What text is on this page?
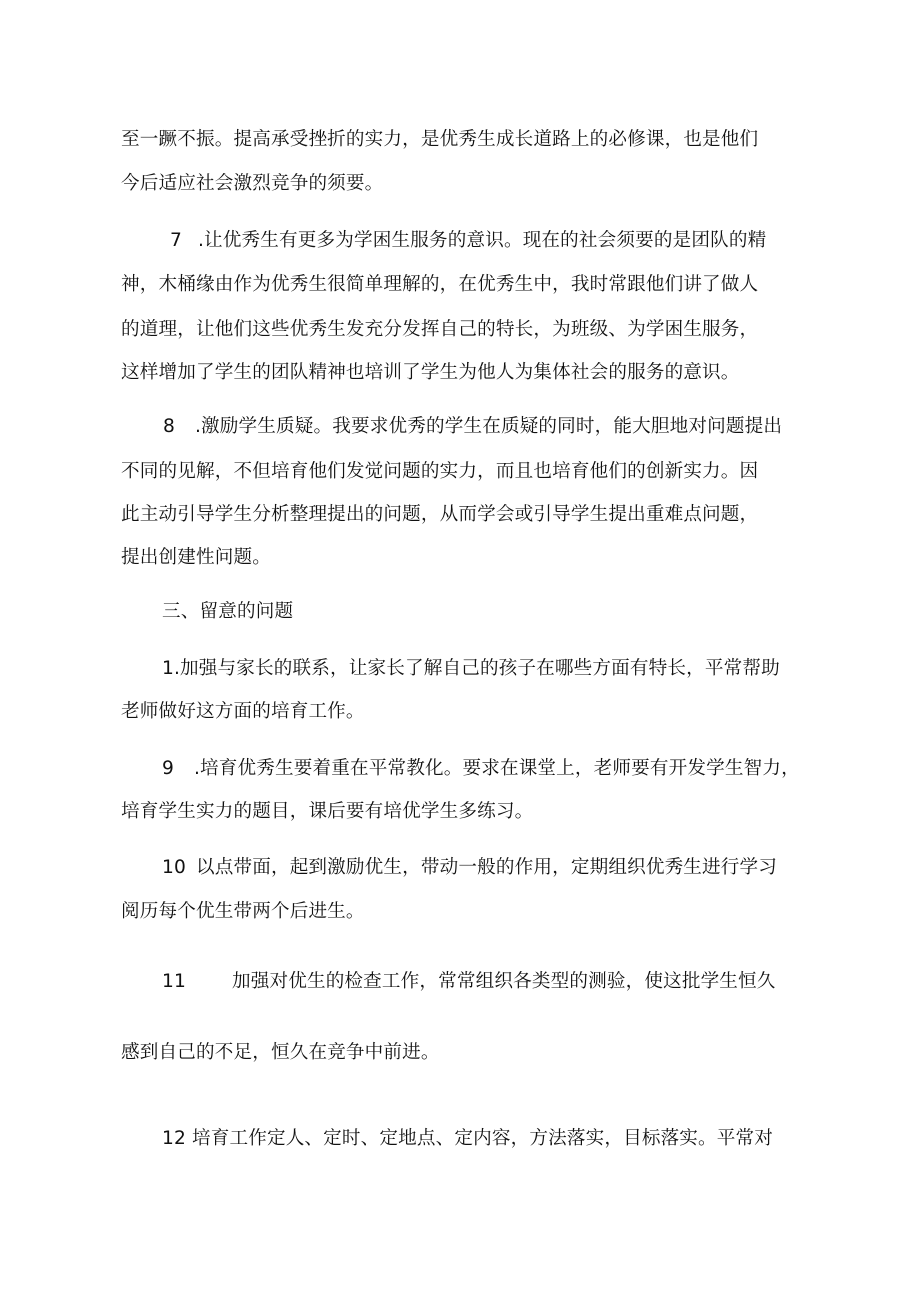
至一蹶不振。提高承受挫折的实力，是优秀生成长道路上的必修课，也是他们
今后适应社会激烈竞争的须要。
7 .让优秀生有更多为学困生服务的意识。现在的社会须要的是团队的精
神，木桶缘由作为优秀生很简单理解的，在优秀生中，我时常跟他们讲了做人
的道理，让他们这些优秀生发充分发挥自己的特长，为班级、为学困生服务，
这样增加了学生的团队精神也培训了学生为他人为集体社会的服务的意识。
8 .激励学生质疑。我要求优秀的学生在质疑的同时，能大胆地对问题提出
不同的见解，不但培育他们发觉问题的实力，而且也培育他们的创新实力。因
此主动引导学生分析整理提出的问题，从而学会或引导学生提出重难点问题，
提出创建性问题。
三、留意的问题
1.加强与家长的联系，让家长了解自己的孩子在哪些方面有特长，平常帮助
老师做好这方面的培育工作。
9 .培育优秀生要着重在平常教化。要求在课堂上，老师要有开发学生智力，
培育学生实力的题目，课后要有培优学生多练习。
10 以点带面，起到激励优生，带动一般的作用，定期组织优秀生进行学习
阅历每个优生带两个后进生。
11 加强对优生的检查工作，常常组织各类型的测验，使这批学生恒久
感到自己的不足，恒久在竞争中前进。
12 培育工作定人、定时、定地点、定内容，方法落实，目标落实。平常对
